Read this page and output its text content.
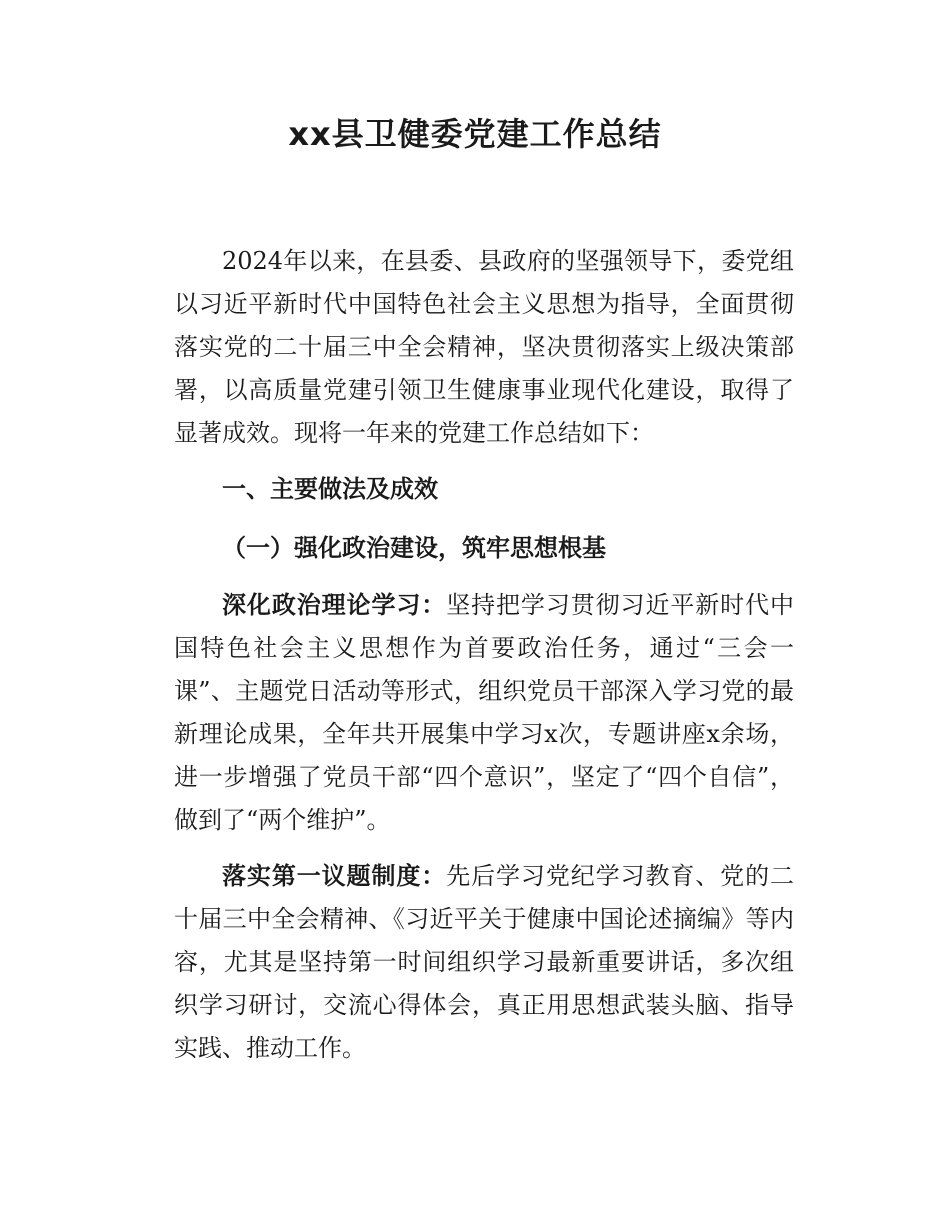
xx县卫健委党建工作总结

2024年以来，在县委、县政府的坚强领导下，委党组以习近平新时代中国特色社会主义思想为指导，全面贯彻落实党的二十届三中全会精神，坚决贯彻落实上级决策部署，以高质量党建引领卫生健康事业现代化建设，取得了显著成效。现将一年来的党建工作总结如下：

一、主要做法及成效
（一）强化政治建设，筑牢思想根基

深化政治理论学习：坚持把学习贯彻习近平新时代中国特色社会主义思想作为首要政治任务，通过“三会一课”、主题党日活动等形式，组织党员干部深入学习党的最新理论成果，全年共开展集中学习x次，专题讲座x余场，进一步增强了党员干部“四个意识”，坚定了“四个自信”，做到了“两个维护”。

落实第一议题制度：先后学习党纪学习教育、党的二十届三中全会精神、《习近平关于健康中国论述摘编》等内容，尤其是坚持第一时间组织学习最新重要讲话，多次组织学习研讨，交流心得体会，真正用思想武装头脑、指导实践、推动工作。
